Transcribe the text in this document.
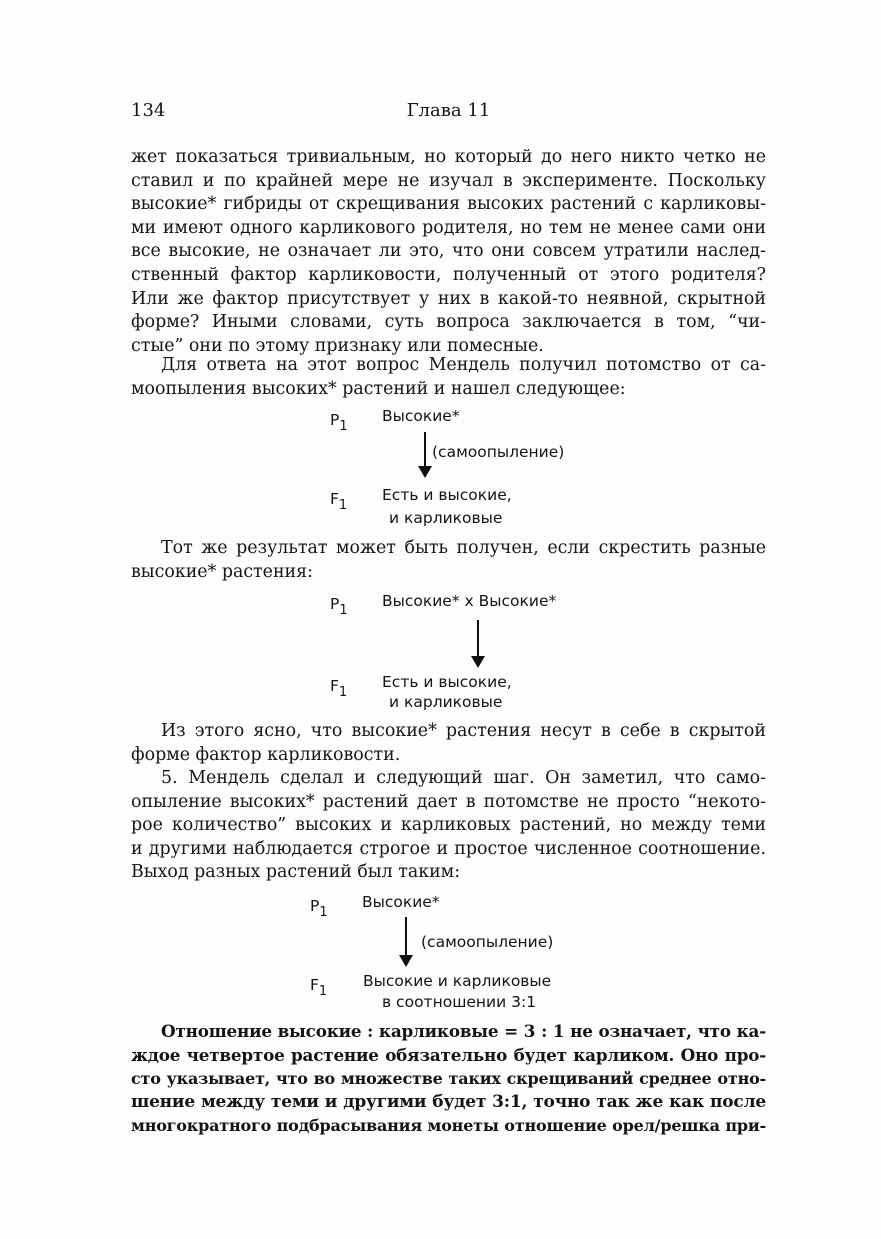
134	Глава 11
жет показаться тривиальным, но который до него никто четко не
ставил и по крайней мере не изучал в эксперименте. Поскольку
высокие* гибриды от скрещивания высоких растений с карликовы-
ми имеют одного карликового родителя, но тем не менее сами они
все высокие, не означает ли это, что они совсем утратили наслед-
ственный фактор карликовости, полученный от этого родителя?
Или же фактор присутствует у них в какой-то неявной, скрытной
форме? Иными словами, суть вопроса заключается в том, “чи-
стые” они по этому признаку или помесные.
Для ответа на этот вопрос Мендель получил потомство от са-
моопыления высоких* растений и нашел следующее:
$P_1$
Высокие*
(самоопыление)
$F_1$
Есть и высокие,
и карликовые
Тот же результат может быть получен, если скрестить разные
высокие* растения:
$P_1$
Высокие* х Высокие*
$F_1$
Есть и высокие,
и карликовые
Из этого ясно, что высокие* растения несут в себе в скрытой
форме фактор карликовости.
5. Мендель сделал и следующий шаг. Он заметил, что само-
опыление высоких* растений дает в потомстве не просто “некото-
рое количество” высоких и карликовых растений, но между теми
и другими наблюдается строгое и простое численное соотношение.
Выход разных растений был таким:
$P_1$
Высокие*
(самоопыление)
$F_1$
Высокие и карликовые
в соотношении 3:1
Отношение высокие : карликовые = 3 : 1 не означает, что ка-
ждое четвертое растение обязательно будет карликом. Оно про-
сто указывает, что во множестве таких скрещиваний среднее отно-
шение между теми и другими будет 3:1, точно так же как после
многократного подбрасывания монеты отношение орел/решка при-
